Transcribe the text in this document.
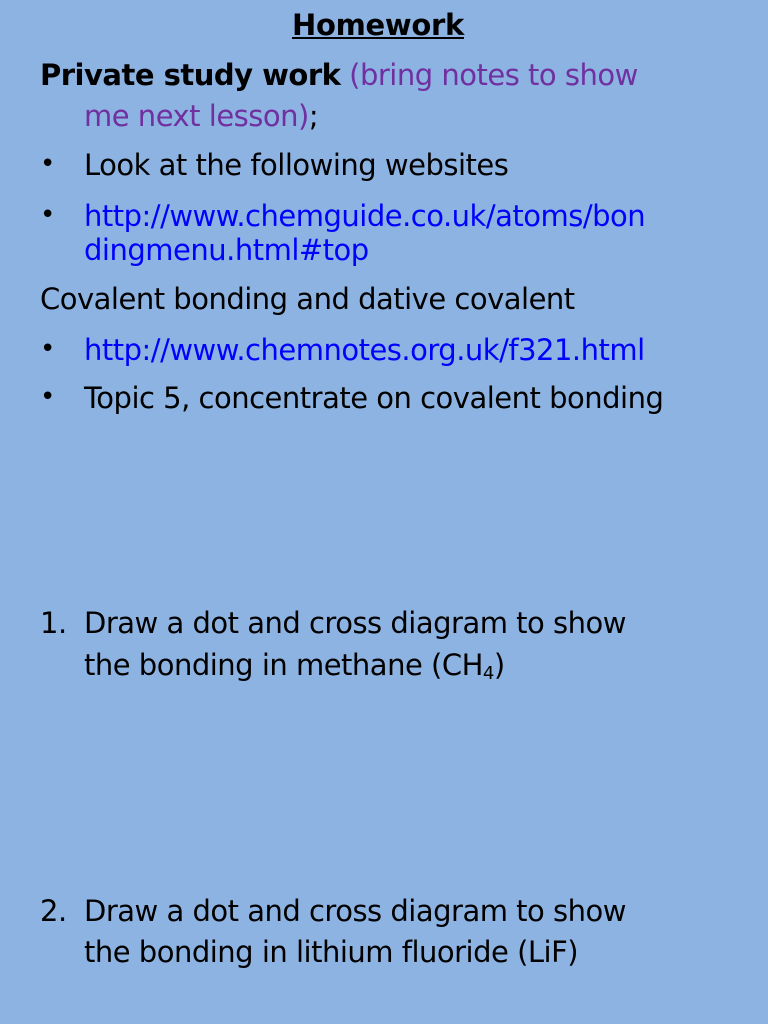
Homework
Private study work (bring notes to show
me next lesson);
• Look at the following websites
• http://www.chemguide.co.uk/atoms/bon
dingmenu.html#top
Covalent bonding and dative covalent
• http://www.chemnotes.org.uk/f321.html
• Topic 5, concentrate on covalent bonding
1. Draw a dot and cross diagram to show
the bonding in methane $(CH_4)$
2. Draw a dot and cross diagram to show
the bonding in lithium fluoride (LiF)
